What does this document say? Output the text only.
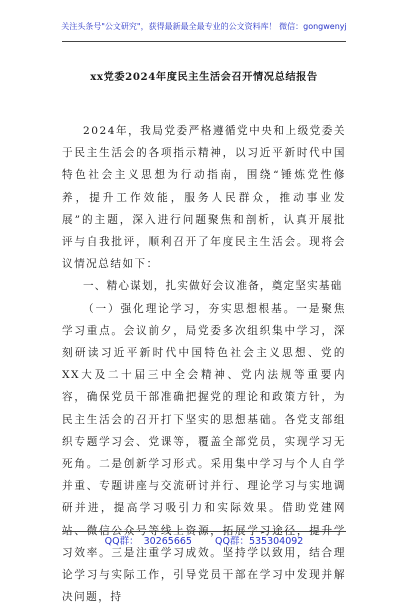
关注头条号"公文研究"，获得最新最全最专业的公文资料库！ 微信：gongwenyj
xx党委2024年度民主生活会召开情况总结报告

2024年，我局党委严格遵循党中央和上级党委关于民主生活会的各项指示精神，以习近平新时代中国特色社会主义思想为行动指南，围绕“锤炼党性修养，提升工作效能，服务人民群众，推动事业发展”的主题，深入进行问题聚焦和剖析，认真开展批评与自我批评，顺利召开了年度民主生活会。现将会议情况总结如下：

一、精心谋划，扎实做好会议准备，奠定坚实基础

（一）强化理论学习，夯实思想根基。一是聚焦学习重点。会议前夕，局党委多次组织集中学习，深刻研读习近平新时代中国特色社会主义思想、党的XX大及二十届三中全会精神、党内法规等重要内容，确保党员干部准确把握党的理论和政策方针，为民主生活会的召开打下坚实的思想基础。各党支部组织专题学习会、党课等，覆盖全部党员，实现学习无死角。二是创新学习形式。采用集中学习与个人自学并重、专题讲座与交流研讨并行、理论学习与实地调研并进，提高学习吸引力和实际效果。借助党建网站、微信公众号等线上资源，拓展学习途径，提升学习效率。三是注重学习成效。坚持学以致用，结合理论学习与实际工作，引导党员干部在学习中发现并解决问题，持

QQ群： 30265665 QQ群：535304092
